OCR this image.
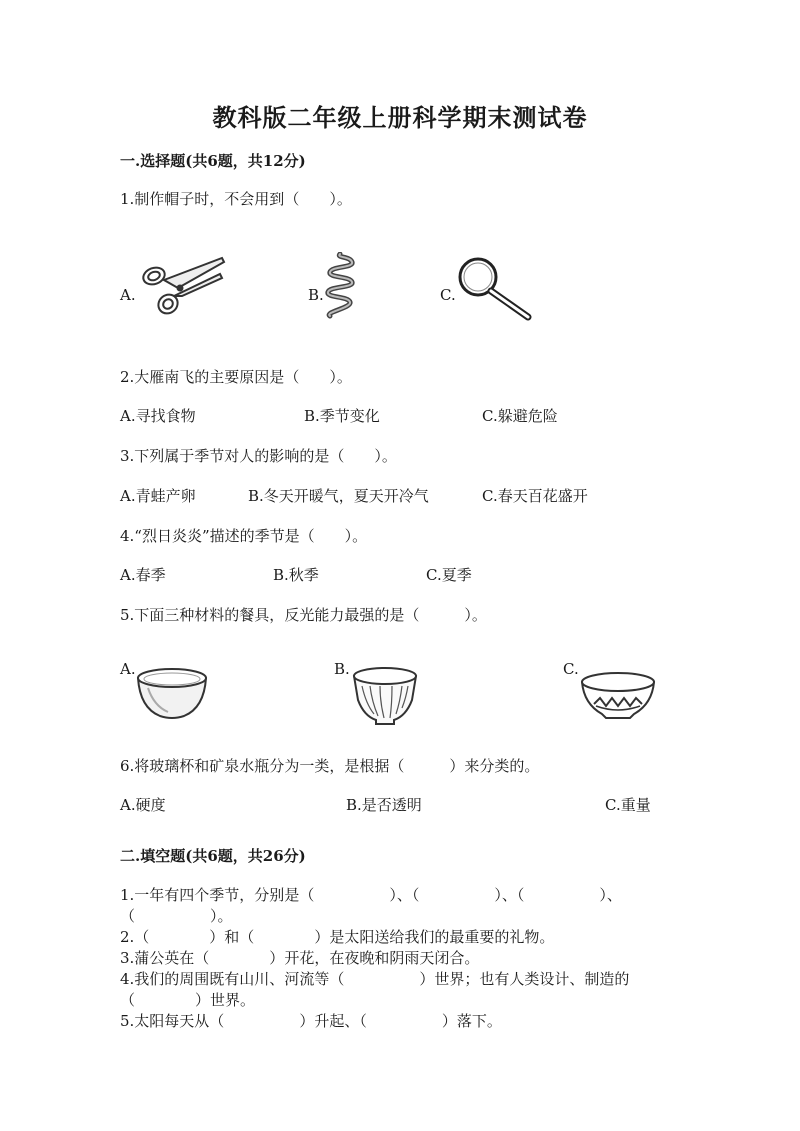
教科版二年级上册科学期末测试卷
一.选择题(共6题，共12分)
1.制作帽子时，不会用到（　　）。
A.	B.	C.
2.大雁南飞的主要原因是（　　）。
A.寻找食物	B.季节变化	C.躲避危险
3.下列属于季节对人的影响的是（　　）。
A.青蛙产卵	B.冬天开暖气，夏天开冷气	C.春天百花盛开
4.“烈日炎炎”描述的季节是（　　）。
A.春季	B.秋季	C.夏季
5.下面三种材料的餐具，反光能力最强的是（　　　）。
A.	B.	C.
6.将玻璃杯和矿泉水瓶分为一类，是根据（　　　）来分类的。
A.硬度	B.是否透明	C.重量
二.填空题(共6题，共26分)
1.一年有四个季节，分别是（　　　　　）、（　　　　　）、（　　　　　）、
（　　　　　）。
2.（　　　　）和（　　　　）是太阳送给我们的最重要的礼物。
3.蒲公英在（　　　　）开花，在夜晚和阴雨天闭合。
4.我们的周围既有山川、河流等（　　　　　）世界；也有人类设计、制造的
（　　　　）世界。
5.太阳每天从（　　　　　）升起、（　　　　　）落下。
